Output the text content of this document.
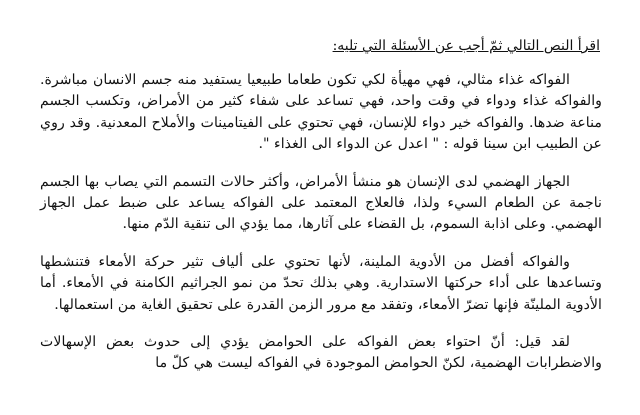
اقرأ النص التالي ثمّ أجب عن الأسئلة التي تليه:

الفواكه غذاء مثالي، فهي مهيأة لكي تكون طعاما طبيعيا يستفيد منه جسم الانسان مباشرة. والفواكه غذاء ودواء في وقت واحد، فهي تساعد على شفاء كثير من الأمراض، وتكسب الجسم مناعة ضدها. والفواكه خير دواء للإنسان، فهي تحتوي على الفيتامينات والأملاح المعدنية. وقد روي عن الطبيب ابن سينا قوله : " اعدل عن الدواء الى الغذاء ".

الجهاز الهضمي لدى الإنسان هو منشأ الأمراض، وأكثر حالات التسمم التي يصاب بها الجسم ناجمة عن الطعام السيء ولذا، فالعلاج المعتمد على الفواكه يساعد على ضبط عمل الجهاز الهضمي. وعلى اذابة السموم، بل القضاء على آثارها، مما يؤدي الى تنقية الدّم منها.

والفواكه أفضل من الأدوية الملينة، لأنها تحتوي على ألياف تثير حركة الأمعاء فتنشطها وتساعدها على أداء حركتها الاستدارية. وهي بذلك تحدّ من نمو الجراثيم الكامنة في الأمعاء. أما الأدوية الملينّة فإنها تضرّ الأمعاء، وتفقد مع مرور الزمن القدرة على تحقيق الغاية من استعمالها.

لقد قيل: أنّ احتواء بعض الفواكه على الحوامض يؤدي إلى حدوث بعض الإسهالات والاضطرابات الهضمية، لكنّ الحوامض الموجودة في الفواكه ليست هي كلّ ما
